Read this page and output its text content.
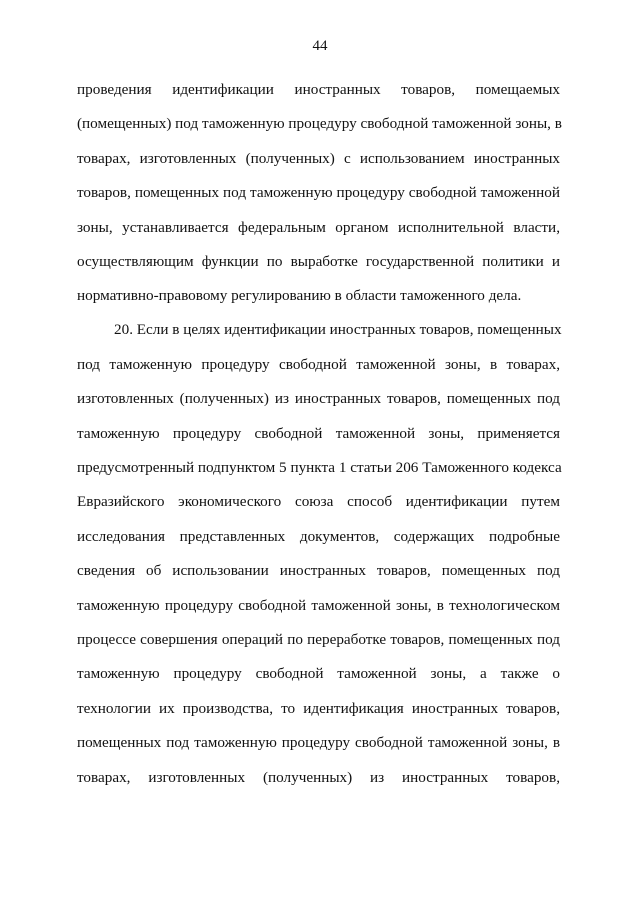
44
проведения идентификации иностранных товаров, помещаемых
(помещенных) под таможенную процедуру свободной таможенной зоны, в
товарах, изготовленных (полученных) с использованием иностранных
товаров, помещенных под таможенную процедуру свободной таможенной
зоны, устанавливается федеральным органом исполнительной власти,
осуществляющим функции по выработке государственной политики и
нормативно-правовому регулированию в области таможенного дела.
20. Если в целях идентификации иностранных товаров, помещенных
под таможенную процедуру свободной таможенной зоны, в товарах,
изготовленных (полученных) из иностранных товаров, помещенных под
таможенную процедуру свободной таможенной зоны, применяется
предусмотренный подпунктом 5 пункта 1 статьи 206 Таможенного кодекса
Евразийского экономического союза способ идентификации путем
исследования представленных документов, содержащих подробные
сведения об использовании иностранных товаров, помещенных под
таможенную процедуру свободной таможенной зоны, в технологическом
процессе совершения операций по переработке товаров, помещенных под
таможенную процедуру свободной таможенной зоны, а также о
технологии их производства, то идентификация иностранных товаров,
помещенных под таможенную процедуру свободной таможенной зоны, в
товарах, изготовленных (полученных) из иностранных товаров,
